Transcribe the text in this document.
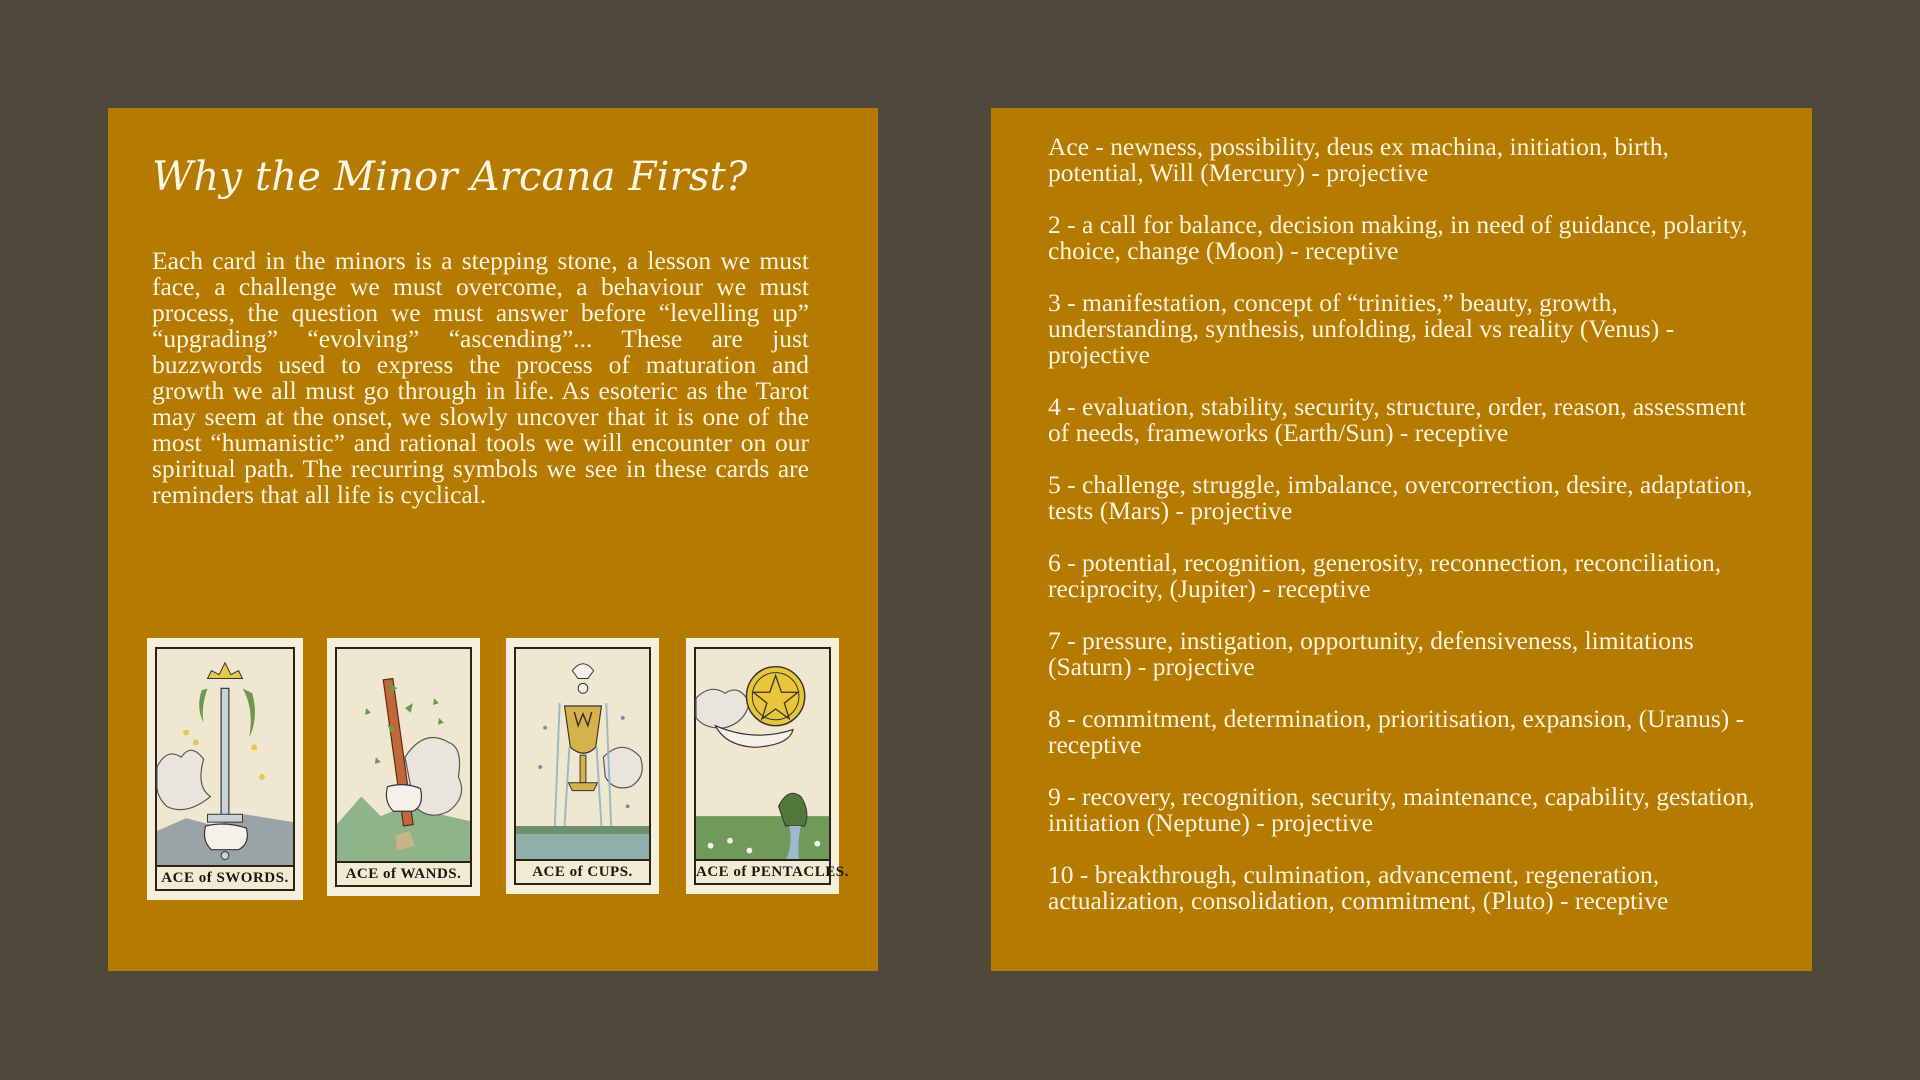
Why the Minor Arcana First?

Each card in the minors is a stepping stone, a lesson we must face, a challenge we must overcome, a behaviour we must process, the question we must answer before “levelling up” “upgrading” “evolving” “ascending”... These are just buzzwords used to express the process of maturation and growth we all must go through in life. As esoteric as the Tarot may seem at the onset, we slowly uncover that it is one of the most “humanistic” and rational tools we will encounter on our spiritual path. The recurring symbols we see in these cards are reminders that all life is cyclical.

ACE of SWORDS.	ACE of WANDS.	ACE of CUPS.	ACE of PENTACLES.
Ace - newness, possibility, deus ex machina, initiation, birth, potential, Will (Mercury) - projective
2 - a call for balance, decision making, in need of guidance, polarity, choice, change (Moon) - receptive
3 - manifestation, concept of “trinities,” beauty, growth, understanding, synthesis, unfolding, ideal vs reality (Venus) - projective
4 - evaluation, stability, security, structure, order, reason, assessment of needs, frameworks (Earth/Sun) - receptive
5 - challenge, struggle, imbalance, overcorrection, desire, adaptation, tests (Mars) - projective
6 - potential, recognition, generosity, reconnection, reconciliation, reciprocity, (Jupiter) - receptive
7 - pressure, instigation, opportunity, defensiveness, limitations (Saturn) - projective
8 - commitment, determination, prioritisation, expansion, (Uranus) - receptive
9 - recovery, recognition, security, maintenance, capability, gestation, initiation (Neptune) - projective
10 - breakthrough, culmination, advancement, regeneration, actualization, consolidation, commitment, (Pluto) - receptive
